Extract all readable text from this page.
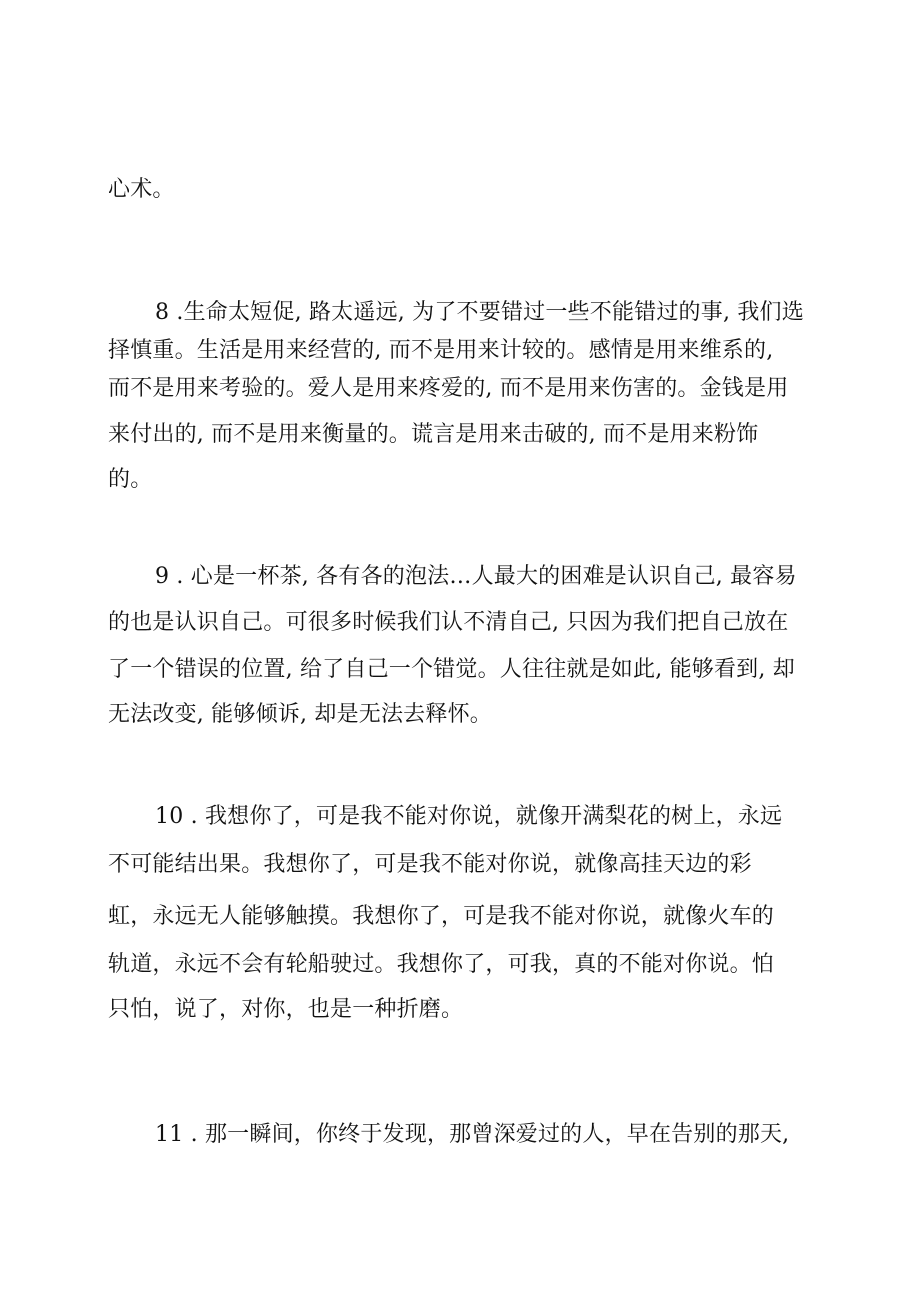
心术。
8 .生命太短促, 路太遥远, 为了不要错过一些不能错过的事, 我们选
择慎重。生活是用来经营的, 而不是用来计较的。感情是用来维系的,
而不是用来考验的。爱人是用来疼爱的, 而不是用来伤害的。金钱是用
来付出的, 而不是用来衡量的。谎言是用来击破的, 而不是用来粉饰
的。
9 . 心是一杯茶, 各有各的泡法…人最大的困难是认识自己, 最容易
的也是认识自己。可很多时候我们认不清自己, 只因为我们把自己放在
了一个错误的位置, 给了自己一个错觉。人往往就是如此, 能够看到, 却
无法改变, 能够倾诉, 却是无法去释怀。
10 . 我想你了，可是我不能对你说，就像开满梨花的树上，永远
不可能结出果。我想你了，可是我不能对你说，就像高挂天边的彩
虹，永远无人能够触摸。我想你了，可是我不能对你说，就像火车的
轨道，永远不会有轮船驶过。我想你了，可我，真的不能对你说。怕
只怕，说了，对你，也是一种折磨。
11 . 那一瞬间，你终于发现，那曾深爱过的人，早在告别的那天,
